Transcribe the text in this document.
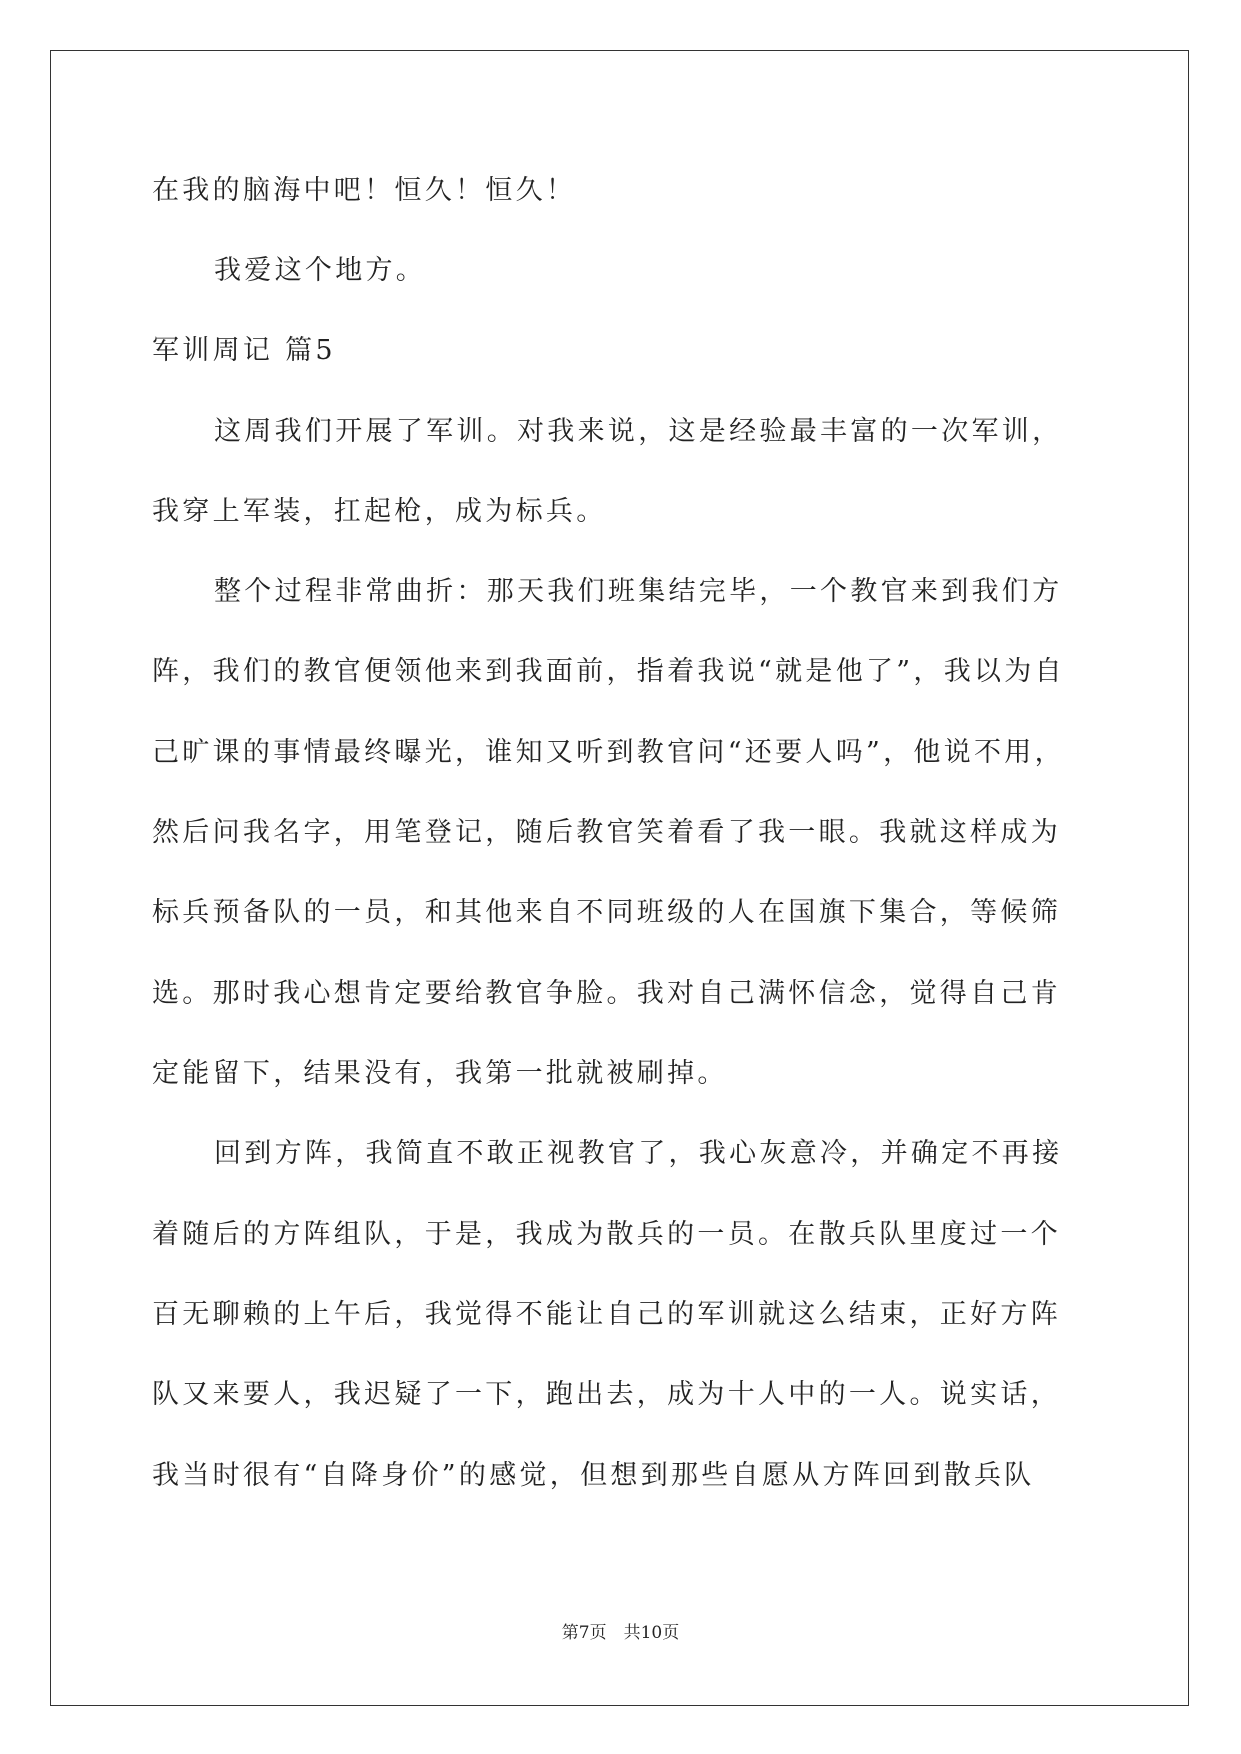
在我的脑海中吧！恒久！恒久！
我爱这个地方。
军训周记 篇5
这周我们开展了军训。对我来说，这是经验最丰富的一次军训，
我穿上军装，扛起枪，成为标兵。
整个过程非常曲折：那天我们班集结完毕，一个教官来到我们方
阵，我们的教官便领他来到我面前，指着我说“就是他了”，我以为自
己旷课的事情最终曝光，谁知又听到教官问“还要人吗”，他说不用，
然后问我名字，用笔登记，随后教官笑着看了我一眼。我就这样成为
标兵预备队的一员，和其他来自不同班级的人在国旗下集合，等候筛
选。那时我心想肯定要给教官争脸。我对自己满怀信念，觉得自己肯
定能留下，结果没有，我第一批就被刷掉。
回到方阵，我简直不敢正视教官了，我心灰意冷，并确定不再接
着随后的方阵组队，于是，我成为散兵的一员。在散兵队里度过一个
百无聊赖的上午后，我觉得不能让自己的军训就这么结束，正好方阵
队又来要人，我迟疑了一下，跑出去，成为十人中的一人。说实话，
我当时很有“自降身价”的感觉，但想到那些自愿从方阵回到散兵队
第7页　共10页
